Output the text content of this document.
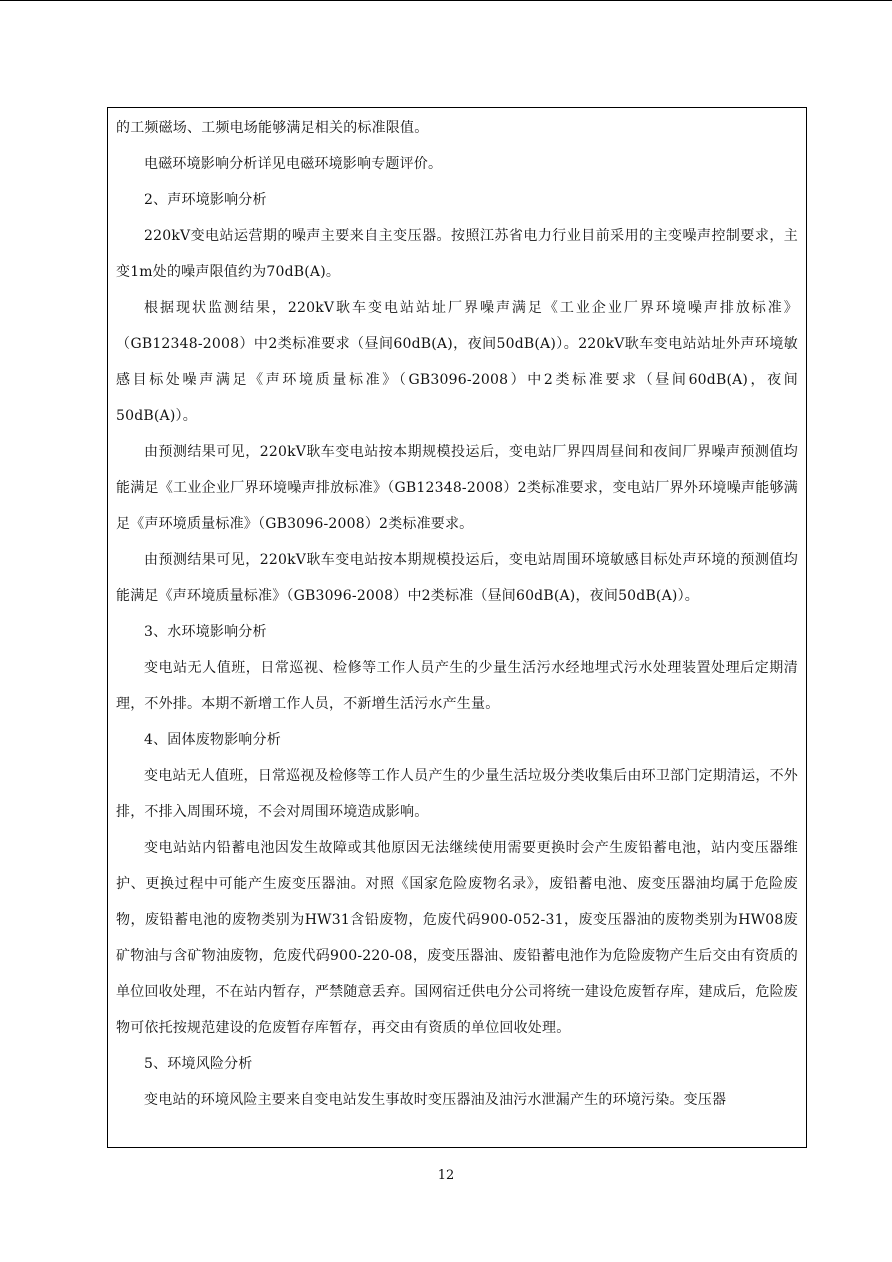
的工频磁场、工频电场能够满足相关的标准限值。

电磁环境影响分析详见电磁环境影响专题评价。

2、声环境影响分析

220kV变电站运营期的噪声主要来自主变压器。按照江苏省电力行业目前采用的主变噪声控制要求，主变1m处的噪声限值约为70dB(A)。

根据现状监测结果，220kV耿车变电站站址厂界噪声满足《工业企业厂界环境噪声排放标准》（GB12348-2008）中2类标准要求（昼间60dB(A)，夜间50dB(A)）。220kV耿车变电站站址外声环境敏感目标处噪声满足《声环境质量标准》（GB3096-2008）中2类标准要求（昼间60dB(A)，夜间50dB(A)）。

由预测结果可见，220kV耿车变电站按本期规模投运后，变电站厂界四周昼间和夜间厂界噪声预测值均能满足《工业企业厂界环境噪声排放标准》（GB12348-2008）2类标准要求，变电站厂界外环境噪声能够满足《声环境质量标准》（GB3096-2008）2类标准要求。

由预测结果可见，220kV耿车变电站按本期规模投运后，变电站周围环境敏感目标处声环境的预测值均能满足《声环境质量标准》（GB3096-2008）中2类标准（昼间60dB(A)，夜间50dB(A)）。

3、水环境影响分析

变电站无人值班，日常巡视、检修等工作人员产生的少量生活污水经地埋式污水处理装置处理后定期清理，不外排。本期不新增工作人员，不新增生活污水产生量。

4、固体废物影响分析

变电站无人值班，日常巡视及检修等工作人员产生的少量生活垃圾分类收集后由环卫部门定期清运，不外排，不排入周围环境，不会对周围环境造成影响。

变电站站内铅蓄电池因发生故障或其他原因无法继续使用需要更换时会产生废铅蓄电池，站内变压器维护、更换过程中可能产生废变压器油。对照《国家危险废物名录》，废铅蓄电池、废变压器油均属于危险废物，废铅蓄电池的废物类别为HW31含铅废物，危废代码900-052-31，废变压器油的废物类别为HW08废矿物油与含矿物油废物，危废代码900-220-08，废变压器油、废铅蓄电池作为危险废物产生后交由有资质的单位回收处理，不在站内暂存，严禁随意丢弃。国网宿迁供电分公司将统一建设危废暂存库，建成后，危险废物可依托按规范建设的危废暂存库暂存，再交由有资质的单位回收处理。

5、环境风险分析

变电站的环境风险主要来自变电站发生事故时变压器油及油污水泄漏产生的环境污染。变压器

12
